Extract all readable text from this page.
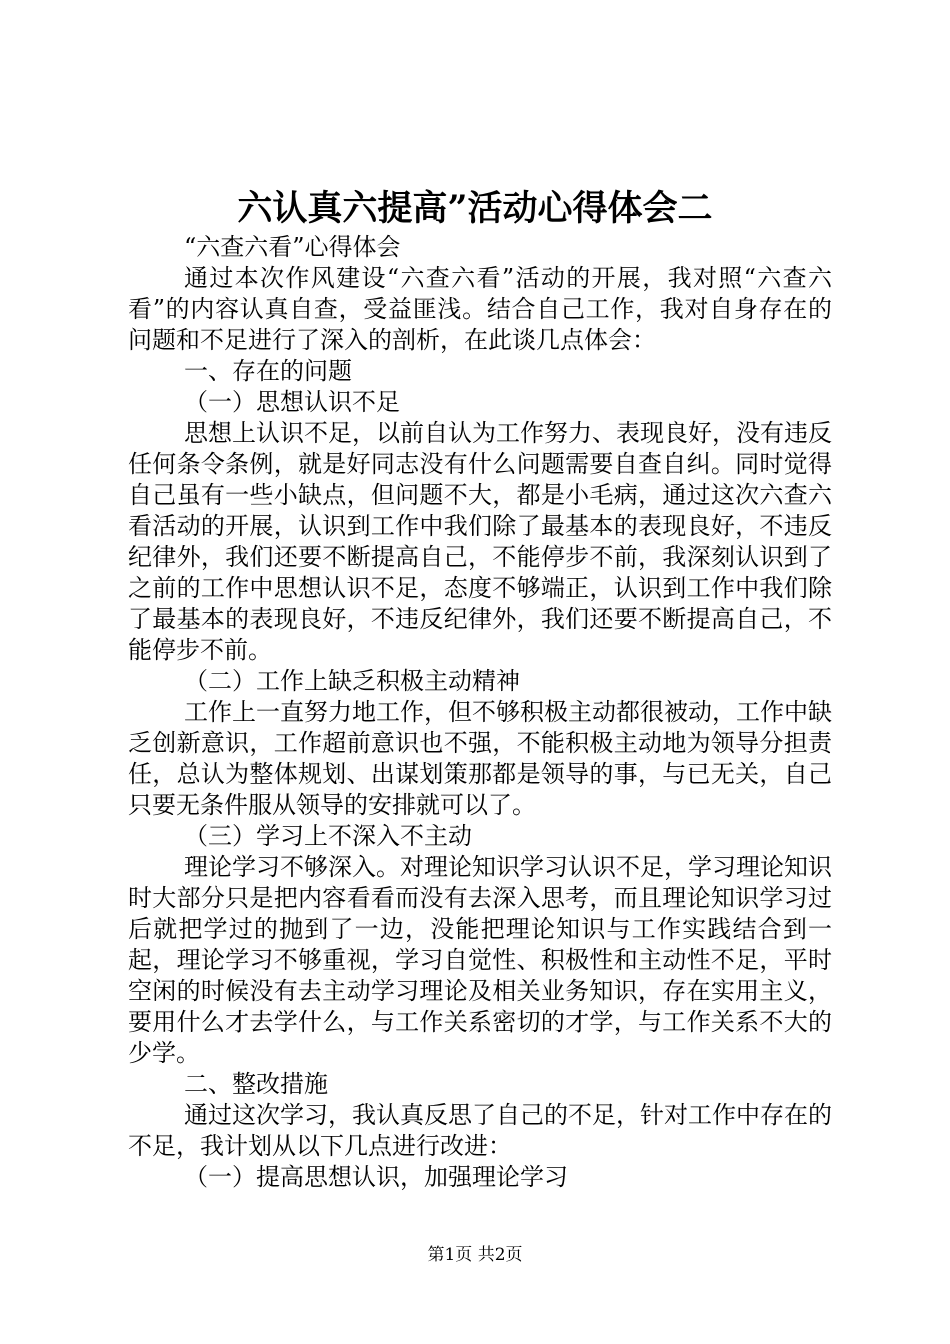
六认真六提高”活动心得体会二

“六查六看”心得体会

通过本次作风建设“六查六看”活动的开展，我对照“六查六看”的内容认真自查，受益匪浅。结合自己工作，我对自身存在的问题和不足进行了深入的剖析，在此谈几点体会：

一、存在的问题

（一）思想认识不足

思想上认识不足，以前自认为工作努力、表现良好，没有违反任何条令条例，就是好同志没有什么问题需要自查自纠。同时觉得自己虽有一些小缺点，但问题不大，都是小毛病，通过这次六查六看活动的开展，认识到工作中我们除了最基本的表现良好，不违反纪律外，我们还要不断提高自己，不能停步不前，我深刻认识到了之前的工作中思想认识不足，态度不够端正，认识到工作中我们除了最基本的表现良好，不违反纪律外，我们还要不断提高自己，不能停步不前。

（二）工作上缺乏积极主动精神

工作上一直努力地工作，但不够积极主动都很被动，工作中缺乏创新意识，工作超前意识也不强，不能积极主动地为领导分担责任，总认为整体规划、出谋划策那都是领导的事，与已无关，自己只要无条件服从领导的安排就可以了。

（三）学习上不深入不主动

理论学习不够深入。对理论知识学习认识不足，学习理论知识时大部分只是把内容看看而没有去深入思考，而且理论知识学习过后就把学过的抛到了一边，没能把理论知识与工作实践结合到一起，理论学习不够重视，学习自觉性、积极性和主动性不足，平时空闲的时候没有去主动学习理论及相关业务知识，存在实用主义，要用什么才去学什么，与工作关系密切的才学，与工作关系不大的少学。

二、整改措施

通过这次学习，我认真反思了自己的不足，针对工作中存在的不足，我计划从以下几点进行改进：

（一）提高思想认识，加强理论学习

第1页 共2页
